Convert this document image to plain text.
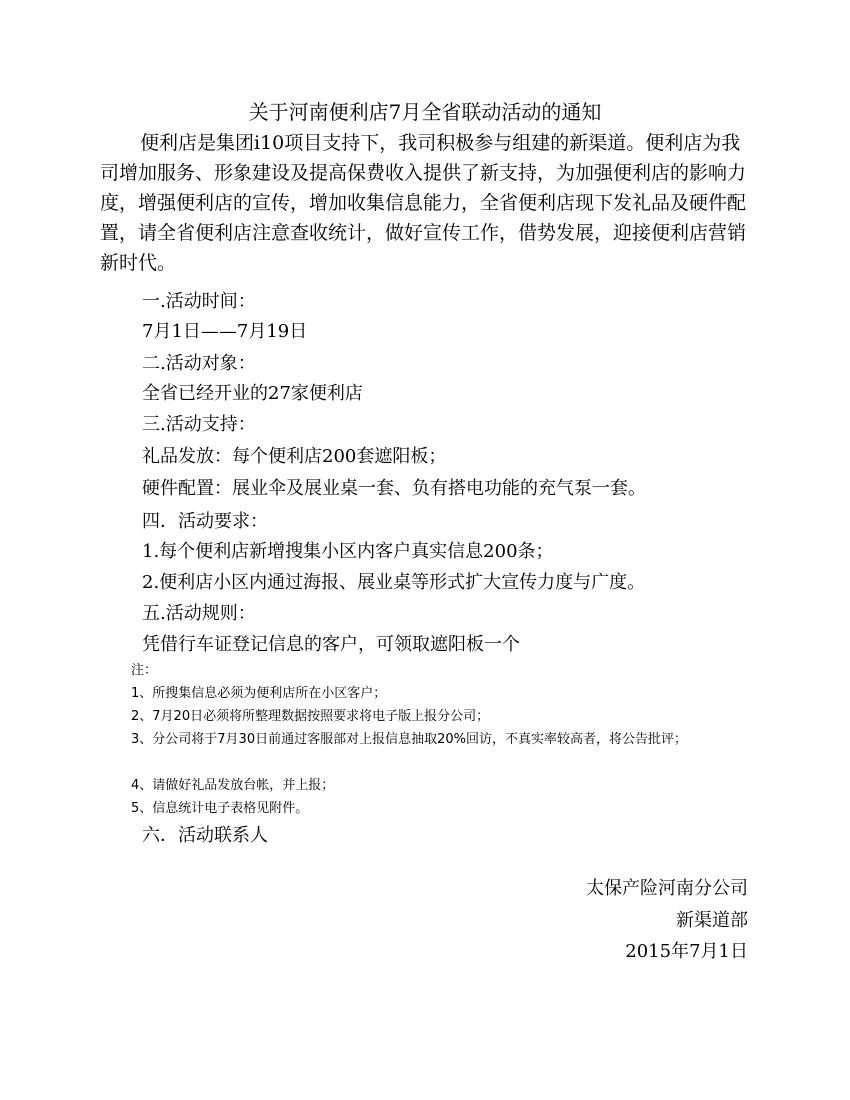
关于河南便利店7月全省联动活动的通知

便利店是集团i10项目支持下，我司积极参与组建的新渠道。便利店为我司增加服务、形象建设及提高保费收入提供了新支持，为加强便利店的影响力度，增强便利店的宣传，增加收集信息能力，全省便利店现下发礼品及硬件配置，请全省便利店注意查收统计，做好宣传工作，借势发展，迎接便利店营销新时代。

一.活动时间：
7月1日——7月19日
二.活动对象：
全省已经开业的27家便利店
三.活动支持：
礼品发放：每个便利店200套遮阳板；
硬件配置：展业伞及展业桌一套、负有搭电功能的充气泵一套。
四．活动要求：
1.每个便利店新增搜集小区内客户真实信息200条；
2.便利店小区内通过海报、展业桌等形式扩大宣传力度与广度。
五.活动规则：
凭借行车证登记信息的客户，可领取遮阳板一个
注：
1、所搜集信息必须为便利店所在小区客户；
2、7月20日必须将所整理数据按照要求将电子版上报分公司；
3、分公司将于7月30日前通过客服部对上报信息抽取20%回访，不真实率较高者，将公告批评；
4、请做好礼品发放台帐，并上报；
5、信息统计电子表格见附件。
六．活动联系人
太保产险河南分公司
新渠道部
2015年7月1日
